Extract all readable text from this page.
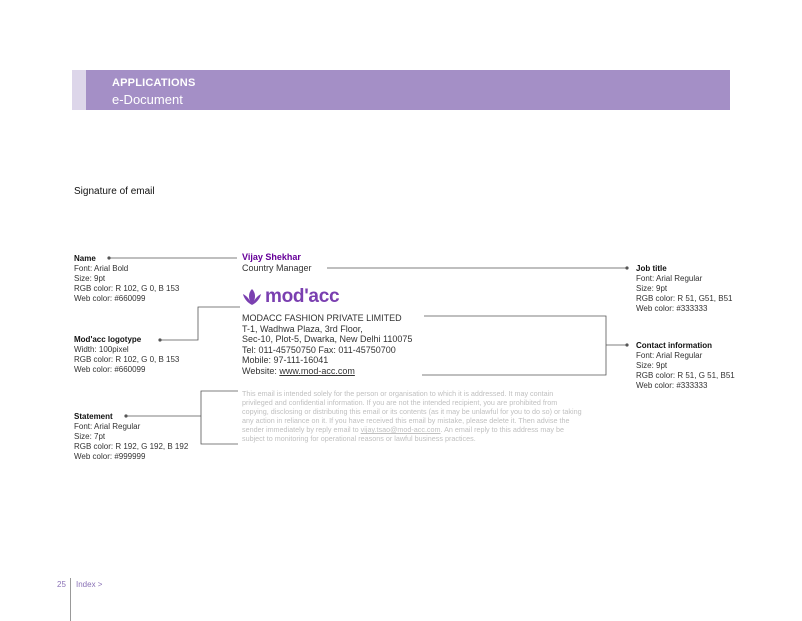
APPLICATIONS
e-Document
Signature of email
Name
Font: Arial Bold
Size: 9pt
RGB color: R 102, G 0, B 153
Web color: #660099
Mod'acc logotype
Width: 100pixel
RGB color: R 102, G 0, B 153
Web color: #660099
Statement
Font: Arial Regular
Size: 7pt
RGB color: R 192, G 192, B 192
Web color: #999999
Job title
Font: Arial Regular
Size: 9pt
RGB color: R 51, G51, B51
Web color: #333333
Contact information
Font: Arial Regular
Size: 9pt
RGB color: R 51, G 51, B51
Web color: #333333
Vijay Shekhar
Country Manager
mod'acc
MODACC FASHION PRIVATE LIMITED
T-1, Wadhwa Plaza, 3rd Floor,
Sec-10, Plot-5, Dwarka, New Delhi 110075
Tel: 011-45750750 Fax: 011-45750700
Mobile: 97-111-16041
Website: www.mod-acc.com
This email is intended solely for the person or organisation to which it is addressed. It may contain privileged and confidential information. If you are not the intended recipient, you are prohibited from copying, disclosing or distributing this email or its contents (as it may be unlawful for you to do so) or taking any action in reliance on it. If you have received this email by mistake, please delete it. Then advise the sender immediately by reply email to vijay.tsao@mod-acc.com. An email reply to this address may be subject to monitoring for operational reasons or lawful business practices.
25 Index >
